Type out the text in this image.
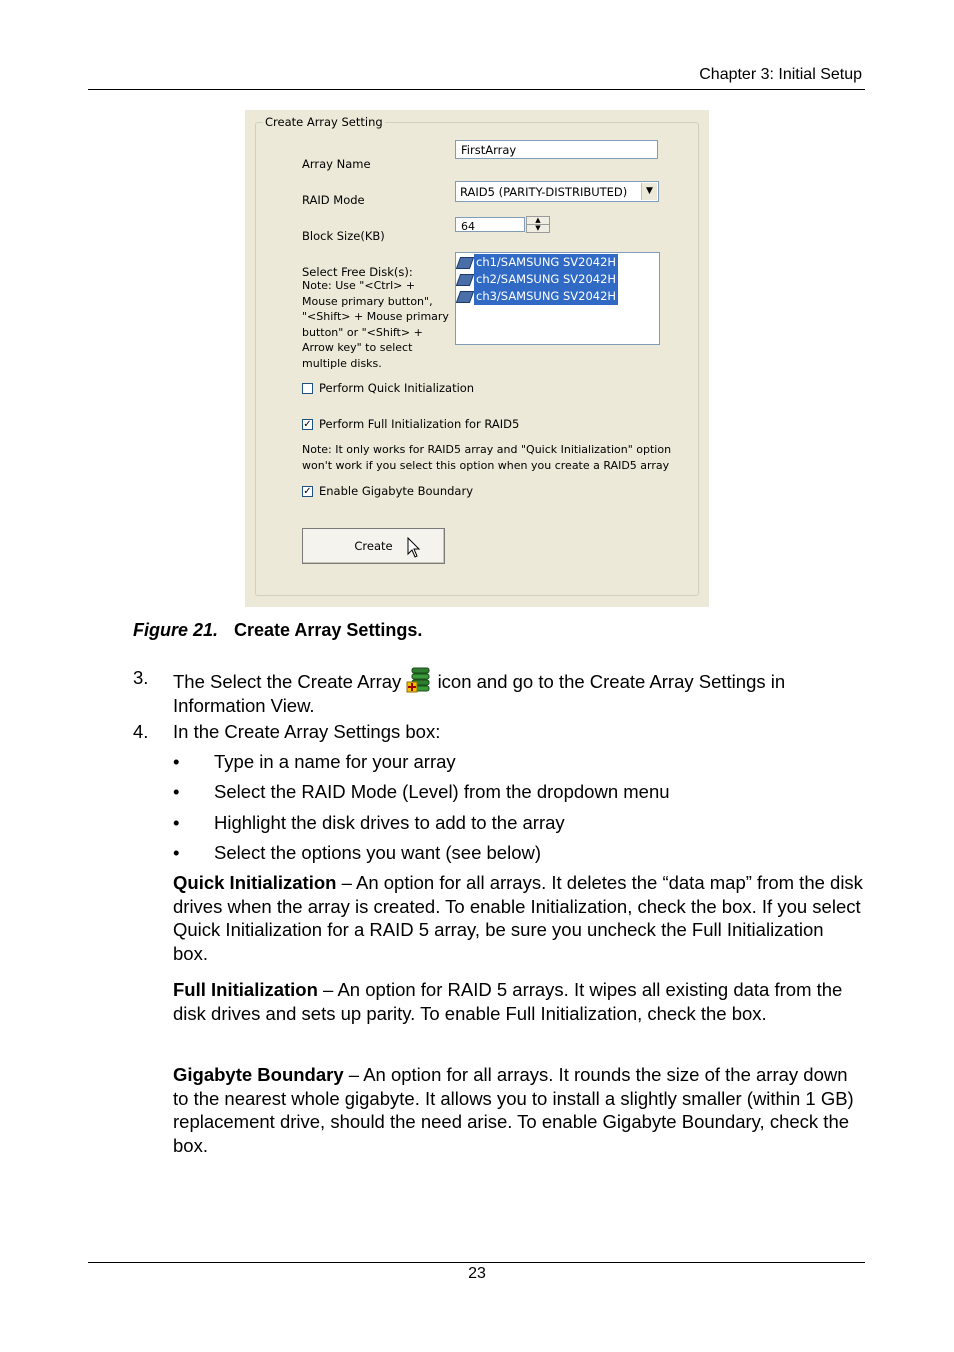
Chapter 3: Initial Setup
Create Array Setting
Array Name
FirstArray
RAID Mode
RAID5 (PARITY-DISTRIBUTED)	▼
Block Size(KB)
64	▲
▼
Select Free Disk(s):
ch1/SAMSUNG SV2042H
ch2/SAMSUNG SV2042H
ch3/SAMSUNG SV2042H
Note: Use "<Ctrl> +
Mouse primary button",
"<Shift> + Mouse primary
button" or "<Shift> +
Arrow key" to select
multiple disks.
Perform Quick Initialization
✓ Perform Full Initialization for RAID5
Note: It only works for RAID5 array and "Quick Initialization" option
won't work if you select this option when you create a RAID5 array
✓ Enable Gigabyte Boundary
Create
Figure 21. Create Array Settings.
3. The Select the Create Array icon and go to the Create Array Settings in
Information View.
4. In the Create Array Settings box:
• Type in a name for your array
• Select the RAID Mode (Level) from the dropdown menu
• Highlight the disk drives to add to the array
• Select the options you want (see below)
Quick Initialization – An option for all arrays. It deletes the “data map” from the disk drives when the array is created. To enable Initialization, check the box. If you select Quick Initialization for a RAID 5 array, be sure you uncheck the Full Initialization box.
Full Initialization – An option for RAID 5 arrays. It wipes all existing data from the disk drives and sets up parity. To enable Full Initialization, check the box.
Gigabyte Boundary – An option for all arrays. It rounds the size of the array down to the nearest whole gigabyte. It allows you to install a slightly smaller (within 1 GB) replacement drive, should the need arise. To enable Gigabyte Boundary, check the box.
23
